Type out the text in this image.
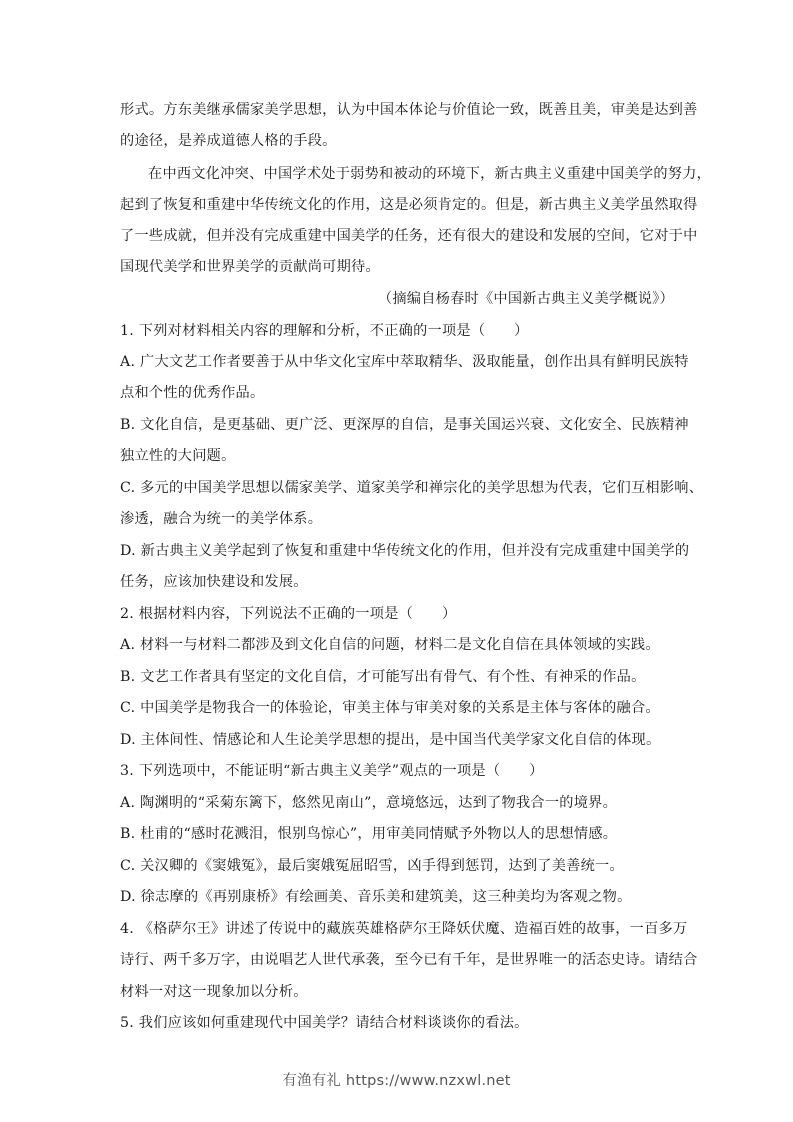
形式。方东美继承儒家美学思想，认为中国本体论与价值论一致，既善且美，审美是达到善
的途径，是养成道德人格的手段。
在中西文化冲突、中国学术处于弱势和被动的环境下，新古典主义重建中国美学的努力，
起到了恢复和重建中华传统文化的作用，这是必须肯定的。但是，新古典主义美学虽然取得
了一些成就，但并没有完成重建中国美学的任务，还有很大的建设和发展的空间，它对于中
国现代美学和世界美学的贡献尚可期待。
（摘编自杨春时《中国新古典主义美学概说》）
1. 下列对材料相关内容的理解和分析，不正确的一项是（　　）
A. 广大文艺工作者要善于从中华文化宝库中萃取精华、汲取能量，创作出具有鲜明民族特
点和个性的优秀作品。
B. 文化自信，是更基础、更广泛、更深厚的自信，是事关国运兴衰、文化安全、民族精神
独立性的大问题。
C. 多元的中国美学思想以儒家美学、道家美学和禅宗化的美学思想为代表，它们互相影响、
渗透，融合为统一的美学体系。
D. 新古典主义美学起到了恢复和重建中华传统文化的作用，但并没有完成重建中国美学的
任务，应该加快建设和发展。
2. 根据材料内容，下列说法不正确的一项是（　　）
A. 材料一与材料二都涉及到文化自信的问题，材料二是文化自信在具体领域的实践。
B. 文艺工作者具有坚定的文化自信，才可能写出有骨气、有个性、有神采的作品。
C. 中国美学是物我合一的体验论，审美主体与审美对象的关系是主体与客体的融合。
D. 主体间性、情感论和人生论美学思想的提出，是中国当代美学家文化自信的体现。
3. 下列选项中，不能证明“新古典主义美学”观点的一项是（　　）
A. 陶渊明的“采菊东篱下，悠然见南山”，意境悠远，达到了物我合一的境界。
B. 杜甫的“感时花溅泪，恨别鸟惊心”，用审美同情赋予外物以人的思想情感。
C. 关汉卿的《窦娥冤》，最后窦娥冤屈昭雪，凶手得到惩罚，达到了美善统一。
D. 徐志摩的《再别康桥》有绘画美、音乐美和建筑美，这三种美均为客观之物。
4. 《格萨尔王》讲述了传说中的藏族英雄格萨尔王降妖伏魔、造福百姓的故事，一百多万
诗行、两千多万字，由说唱艺人世代承袭，至今已有千年，是世界唯一的活态史诗。请结合
材料一对这一现象加以分析。
5. 我们应该如何重建现代中国美学？请结合材料谈谈你的看法。
有渔有礼 https://www.nzxwl.net
